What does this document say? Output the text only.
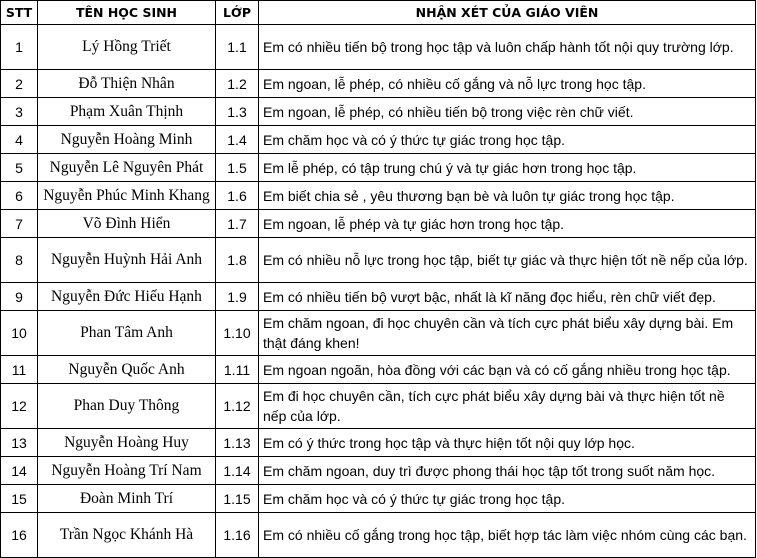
STT	TÊN HỌC SINH	LỚP	NHẬN XÉT CỦA GIÁO VIÊN
1	Lý Hồng Triết	1.1	Em có nhiều tiến bộ trong học tập và luôn chấp hành tốt nội quy trường lớp.
2	Đỗ Thiện Nhân	1.2	Em ngoan, lễ phép, có nhiều cố gắng và nỗ lực trong học tập.
3	Phạm Xuân Thịnh	1.3	Em ngoan, lễ phép, có nhiều tiến bộ trong việc rèn chữ viết.
4	Nguyễn Hoàng Minh	1.4	Em chăm học và có ý thức tự giác trong học tập.
5	Nguyễn Lê Nguyên Phát	1.5	Em lễ phép, có tập trung chú ý và tự giác hơn trong học tập.
6	Nguyễn Phúc Minh Khang	1.6	Em biết chia sẻ , yêu thương bạn bè và luôn tự giác trong học tập.
7	Võ Đình Hiển	1.7	Em ngoan, lễ phép và tự giác hơn trong học tập.
8	Nguyễn Huỳnh Hải Anh	1.8	Em có nhiều nỗ lực trong học tập, biết tự giác và thực hiện tốt nề nếp của lớp.
9	Nguyễn Đức Hiếu Hạnh	1.9	Em có nhiều tiến bộ vượt bậc, nhất là kĩ năng đọc hiểu, rèn chữ viết đẹp.
10	Phan Tâm Anh	1.10	Em chăm ngoan, đi học chuyên cần và tích cực phát biểu xây dựng bài. Em thật đáng khen!
11	Nguyễn Quốc Anh	1.11	Em ngoan ngoãn, hòa đồng với các bạn và có cố gắng nhiều trong học tập.
12	Phan Duy Thông	1.12	Em đi học chuyên cần, tích cực phát biểu xây dựng bài và thực hiện tốt nề nếp của lớp.
13	Nguyễn Hoàng Huy	1.13	Em có ý thức trong học tập và thực hiện tốt nội quy lớp học.
14	Nguyễn Hoàng Trí Nam	1.14	Em chăm ngoan, duy trì được phong thái học tập tốt trong suốt năm học.
15	Đoàn Minh Trí	1.15	Em chăm học và có ý thức tự giác trong học tập.
16	Trần Ngọc Khánh Hà	1.16	Em có nhiều cố gắng trong học tập, biết hợp tác làm việc nhóm cùng các bạn.
